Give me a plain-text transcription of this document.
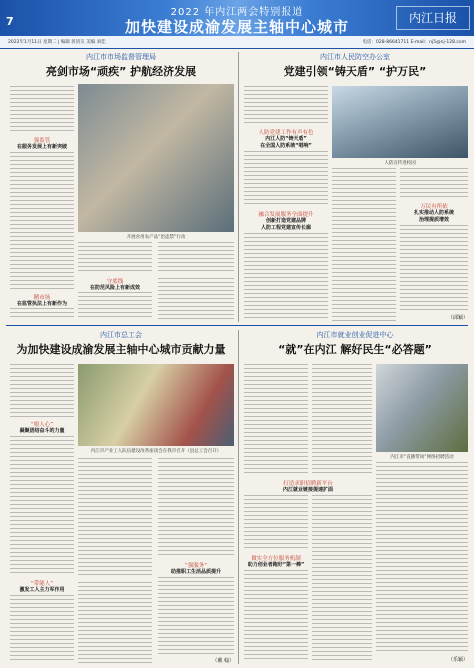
7
2022 年内江两会特别报道
加快建设成渝发展主轴中心城市	内江日报
2022年1月11日 星期二 | 编辑 蒋清友 美编 刘佳	电话：028-86641711 E-mail：nj5@nj-128.com
内江市市场监督管理局
亮剑市场“顽疾” 护航经济发展
开展食用农产品“治违禁”行动
强监管
在服务发展上有新突破
守底线
在防范风险上有新成效
精市场
在监管执法上有新作为
内江市人民防空办公室
党建引领“铸天盾” “护万民”
人防宣传进校园
人防党建工作有声有色
内江人防“铸天盾”
在全国人防系统“唱响”
融合发展服务全面提升
创新打造党建品牌
人防工程党建宣传长廊
万民有所依
扎实推动人防系统
治理提质增效
（邱颖）
内江市总工会
为加快建设成渝发展主轴中心城市贡献力量
内江市产业工人队伍建设改革座谈会在我市召开（县总工会召开）
“娘人心”
凝聚团结奋斗的力量
“带能人”
激发工人主力军作用
“强服务”
助推职工生活品质提升
（戴 翰）
内江市就业创业促进中心
“就”在内江 解好民生“必答题”
内江市“直播带岗”网络招聘活动
打造求职招聘新平台
内江就业链接提速扩面
做实全方位服务机制
助力创业者跑好“第一棒”
（乐颖）
